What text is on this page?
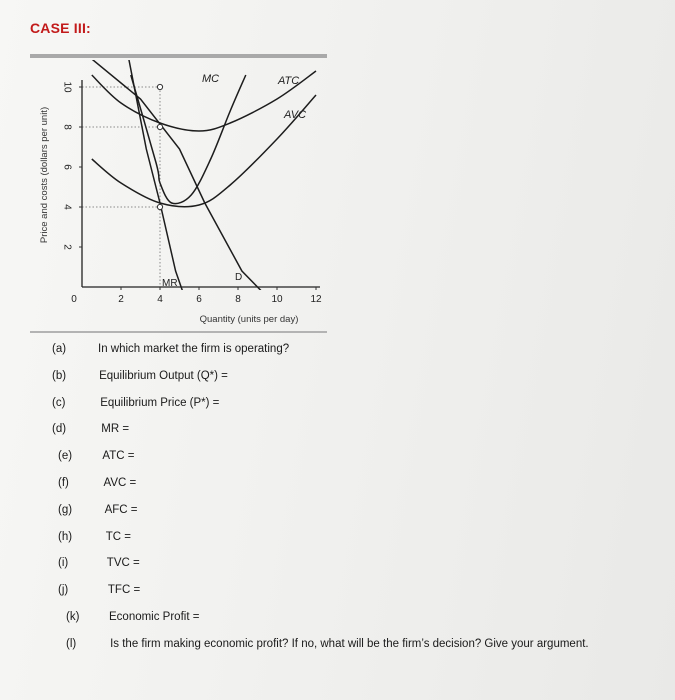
CASE III:
0	2	4	6	8	10	12
2
4
6
8
10
Price and costs (dollars per unit)
Quantity (units per day)
MC	ATC
AVC
MR
D
(a)	In which market the firm is operating?
(b)	Equilibrium Output (Q*) =
(c)	Equilibrium Price (P*) =
(d)	MR =
(e)	ATC =
(f)	AVC =
(g)	AFC =
(h)	TC =
(i)	TVC =
(j)	TFC =
(k)	Economic Profit =
(l)	Is the firm making economic profit? If no, what will be the firm’s decision? Give your argument.
